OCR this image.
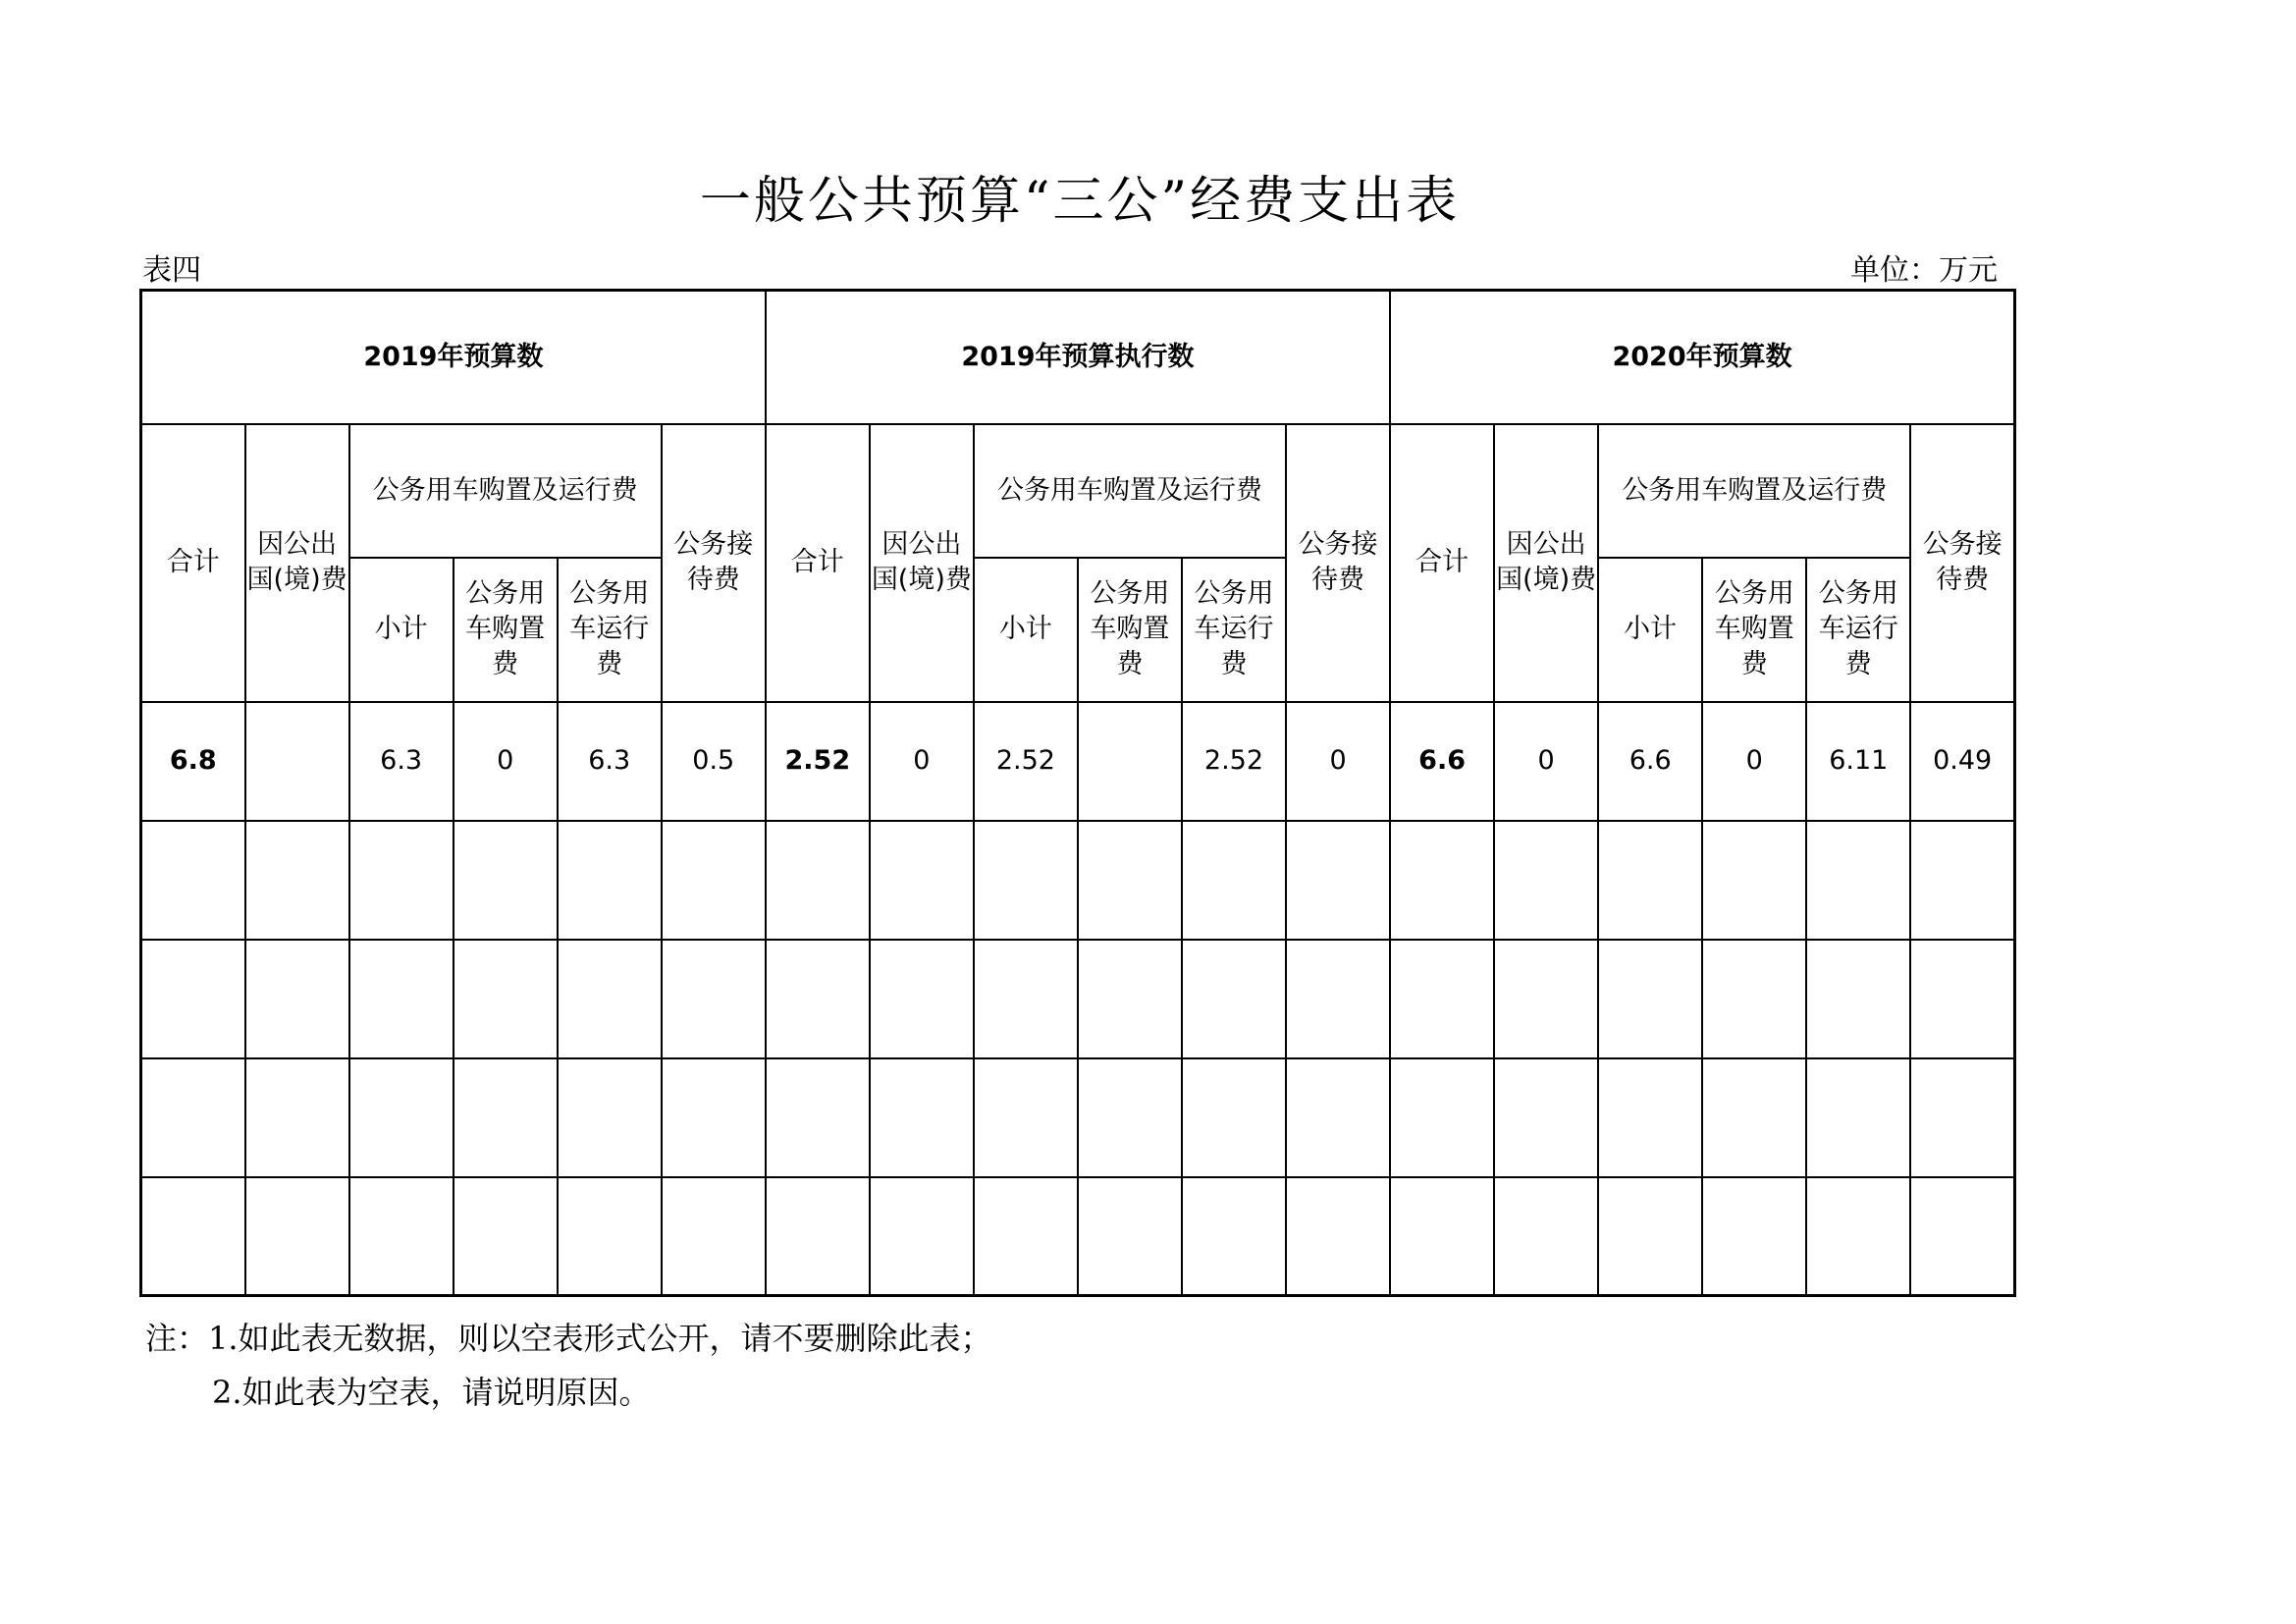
一般公共预算“三公”经费支出表
表四	单位：万元
2019年预算数						2019年预算执行数						2020年预算数					
合计	因公出国(境)费	公务用车购置及运行费			公务接待费	合计	因公出国(境)费	公务用车购置及运行费			公务接待费	合计	因公出国(境)费	公务用车购置及运行费			公务接待费
		小计	公务用车购置费	公务用车运行费				小计	公务用车购置费	公务用车运行费				小计	公务用车购置费	公务用车运行费	
6.8		6.3	0	6.3	0.5	2.52	0	2.52		2.52	0	6.6	0	6.6	0	6.11	0.49

注：1.如此表无数据，则以空表形式公开，请不要删除此表；
2.如此表为空表，请说明原因。
